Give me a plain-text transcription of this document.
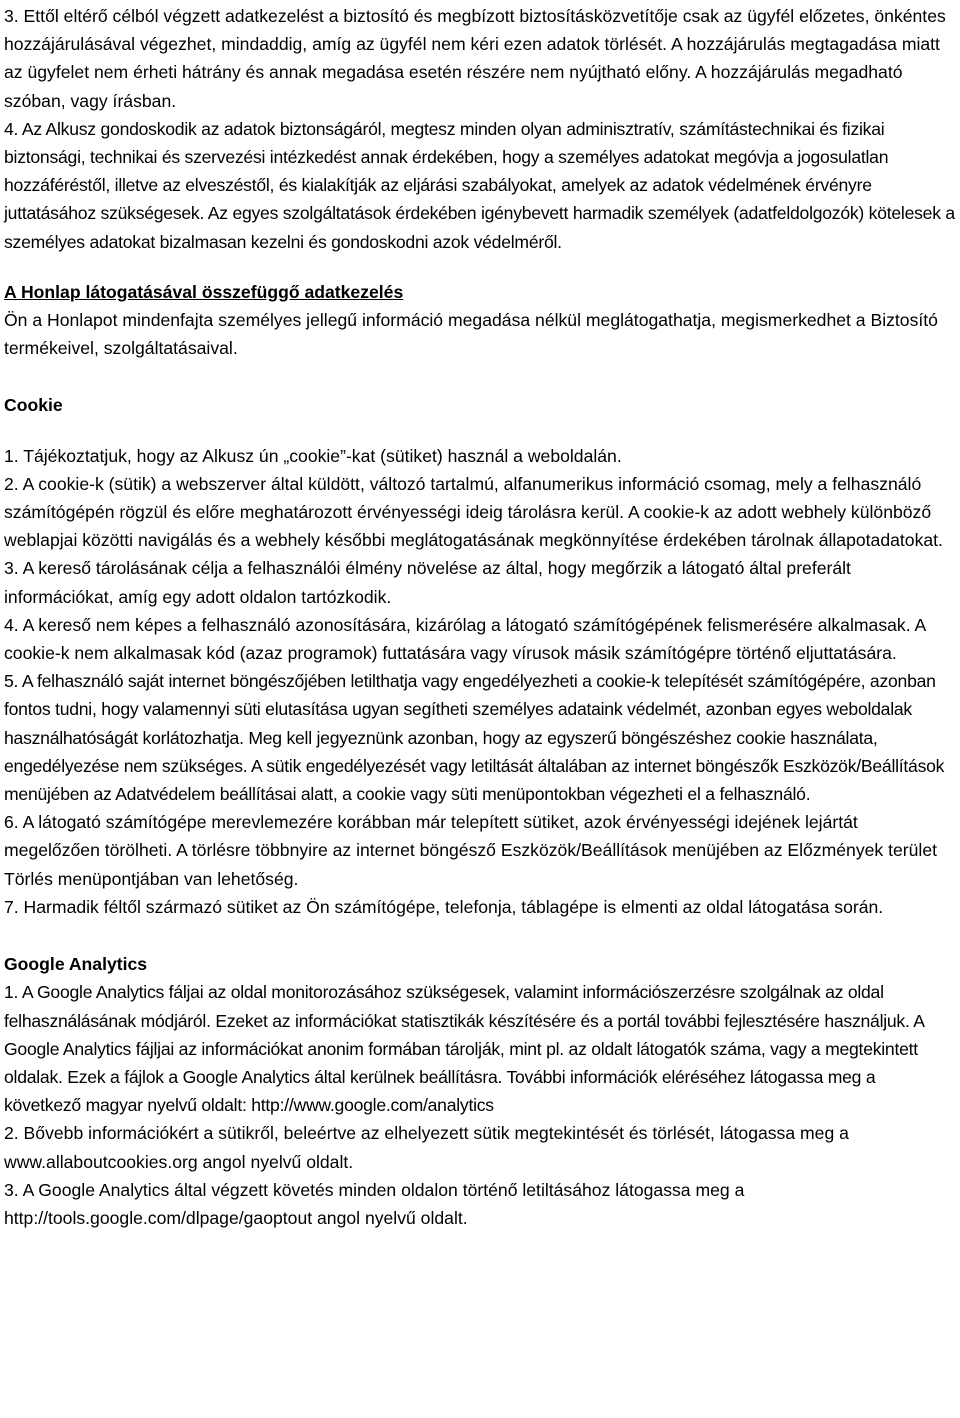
3. Ettől eltérő célból végzett adatkezelést a biztosító és megbízott biztosításközvetítője csak az ügyfél előzetes, önkéntes hozzájárulásával végezhet, mindaddig, amíg az ügyfél nem kéri ezen adatok törlését. A hozzájárulás megtagadása miatt az ügyfelet nem érheti hátrány és annak megadása esetén részére nem nyújtható előny. A hozzájárulás megadható szóban, vagy írásban.

4. Az Alkusz gondoskodik az adatok biztonságáról, megtesz minden olyan adminisztratív, számítástechnikai és fizikai biztonsági, technikai és szervezési intézkedést annak érdekében, hogy a személyes adatokat megóvja a jogosulatlan hozzáféréstől, illetve az elveszéstől, és kialakítják az eljárási szabályokat, amelyek az adatok védelmének érvényre juttatásához szükségesek. Az egyes szolgáltatások érdekében igénybevett harmadik személyek (adatfeldolgozók) kötelesek a személyes adatokat bizalmasan kezelni és gondoskodni azok védelméről.

A Honlap látogatásával összefüggő adatkezelés

Ön a Honlapot mindenfajta személyes jellegű információ megadása nélkül meglátogathatja, megismerkedhet a Biztosító termékeivel, szolgáltatásaival.

Cookie

1. Tájékoztatjuk, hogy az Alkusz ún „cookie”-kat (sütiket) használ a weboldalán.

2. A cookie-k (sütik) a webszerver által küldött, változó tartalmú, alfanumerikus információ csomag, mely a felhasználó számítógépén rögzül és előre meghatározott érvényességi ideig tárolásra kerül. A cookie-k az adott webhely különböző weblapjai közötti navigálás és a webhely későbbi meglátogatásának megkönnyítése érdekében tárolnak állapotadatokat.

3. A kereső tárolásának célja a felhasználói élmény növelése az által, hogy megőrzik a látogató által preferált információkat, amíg egy adott oldalon tartózkodik.

4. A kereső nem képes a felhasználó azonosítására, kizárólag a látogató számítógépének felismerésére alkalmasak. A cookie-k nem alkalmasak kód (azaz programok) futtatására vagy vírusok másik számítógépre történő eljuttatására.

5. A felhasználó saját internet böngészőjében letilthatja vagy engedélyezheti a cookie-k telepítését számítógépére, azonban fontos tudni, hogy valamennyi süti elutasítása ugyan segítheti személyes adataink védelmét, azonban egyes weboldalak használhatóságát korlátozhatja. Meg kell jegyeznünk azonban, hogy az egyszerű böngészéshez cookie használata, engedélyezése nem szükséges. A sütik engedélyezését vagy letiltását általában az internet böngészők Eszközök/Beállítások menüjében az Adatvédelem beállításai alatt, a cookie vagy süti menüpontokban végezheti el a felhasználó.

6. A látogató számítógépe merevlemezére korábban már telepített sütiket, azok érvényességi idejének lejártát megelőzően törölheti. A törlésre többnyire az internet böngésző Eszközök/Beállítások menüjében az Előzmények terület Törlés menüpontjában van lehetőség.

7. Harmadik féltől származó sütiket az Ön számítógépe, telefonja, táblagépe is elmenti az oldal látogatása során.

Google Analytics

1. A Google Analytics fáljai az oldal monitorozásához szükségesek, valamint információszerzésre szolgálnak az oldal felhasználásának módjáról. Ezeket az információkat statisztikák készítésére és a portál további fejlesztésére használjuk. A Google Analytics fájljai az információkat anonim formában tárolják, mint pl. az oldalt látogatók száma, vagy a megtekintett oldalak. Ezek a fájlok a Google Analytics által kerülnek beállításra. További információk eléréséhez látogassa meg a következő magyar nyelvű oldalt: http://www.google.com/analytics

2. Bővebb információkért a sütikről, beleértve az elhelyezett sütik megtekintését és törlését, látogassa meg a www.allaboutcookies.org angol nyelvű oldalt.

3. A Google Analytics által végzett követés minden oldalon történő letiltásához látogassa meg a http://tools.google.com/dlpage/gaoptout angol nyelvű oldalt.
